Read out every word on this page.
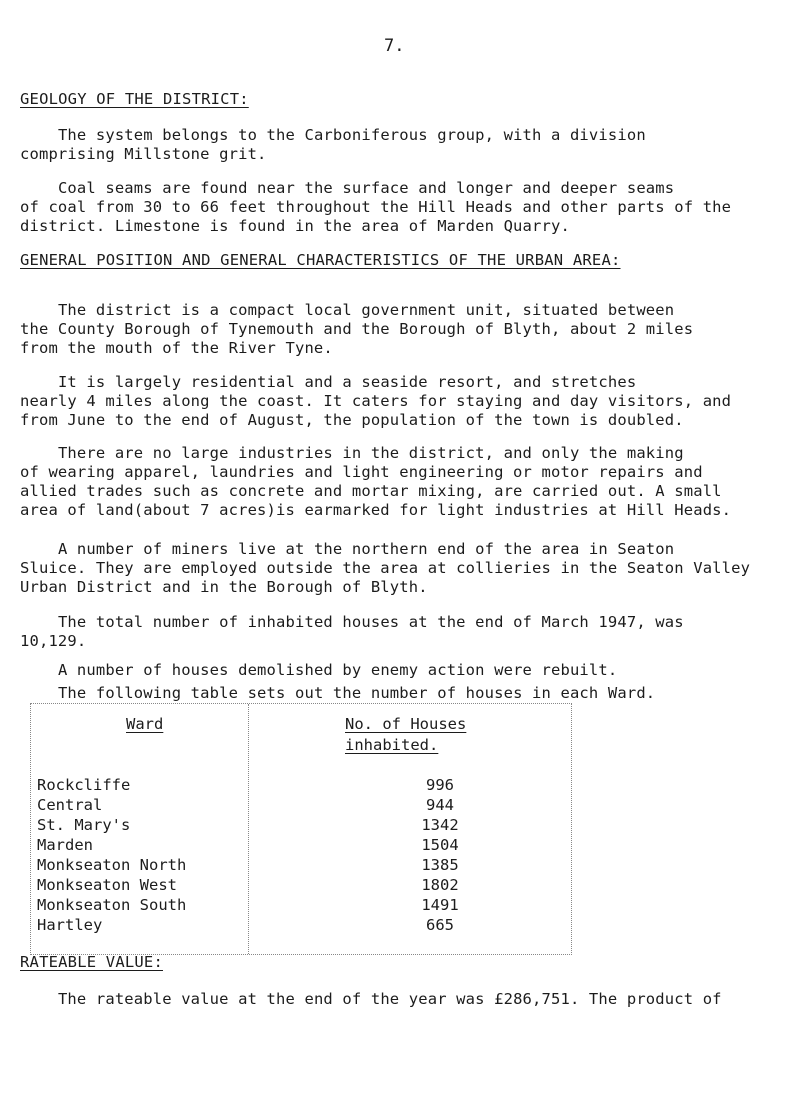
7.
GEOLOGY OF THE DISTRICT:
The system belongs to the Carboniferous group, with a division
comprising Millstone grit.
Coal seams are found near the surface and longer and deeper seams
of coal from 30 to 66 feet throughout the Hill Heads and other parts of the
district. Limestone is found in the area of Marden Quarry.
GENERAL POSITION AND GENERAL CHARACTERISTICS OF THE URBAN AREA:
The district is a compact local government unit, situated between
the County Borough of Tynemouth and the Borough of Blyth, about 2 miles
from the mouth of the River Tyne.
It is largely residential and a seaside resort, and stretches
nearly 4 miles along the coast. It caters for staying and day visitors, and
from June to the end of August, the population of the town is doubled.
There are no large industries in the district, and only the making
of wearing apparel, laundries and light engineering or motor repairs and
allied trades such as concrete and mortar mixing, are carried out. A small
area of land(about 7 acres)is earmarked for light industries at Hill Heads.
A number of miners live at the northern end of the area in Seaton
Sluice. They are employed outside the area at collieries in the Seaton Valley
Urban District and in the Borough of Blyth.
The total number of inhabited houses at the end of March 1947, was
10,129.
A number of houses demolished by enemy action were rebuilt.
The following table sets out the number of houses in each Ward.
Ward	No. of Houses
inhabited.
Rockcliffe	996
Central	944
St. Mary's	1342
Marden	1504
Monkseaton North	1385
Monkseaton West	1802
Monkseaton South	1491
Hartley	665
RATEABLE VALUE:
The rateable value at the end of the year was £286,751. The product of
